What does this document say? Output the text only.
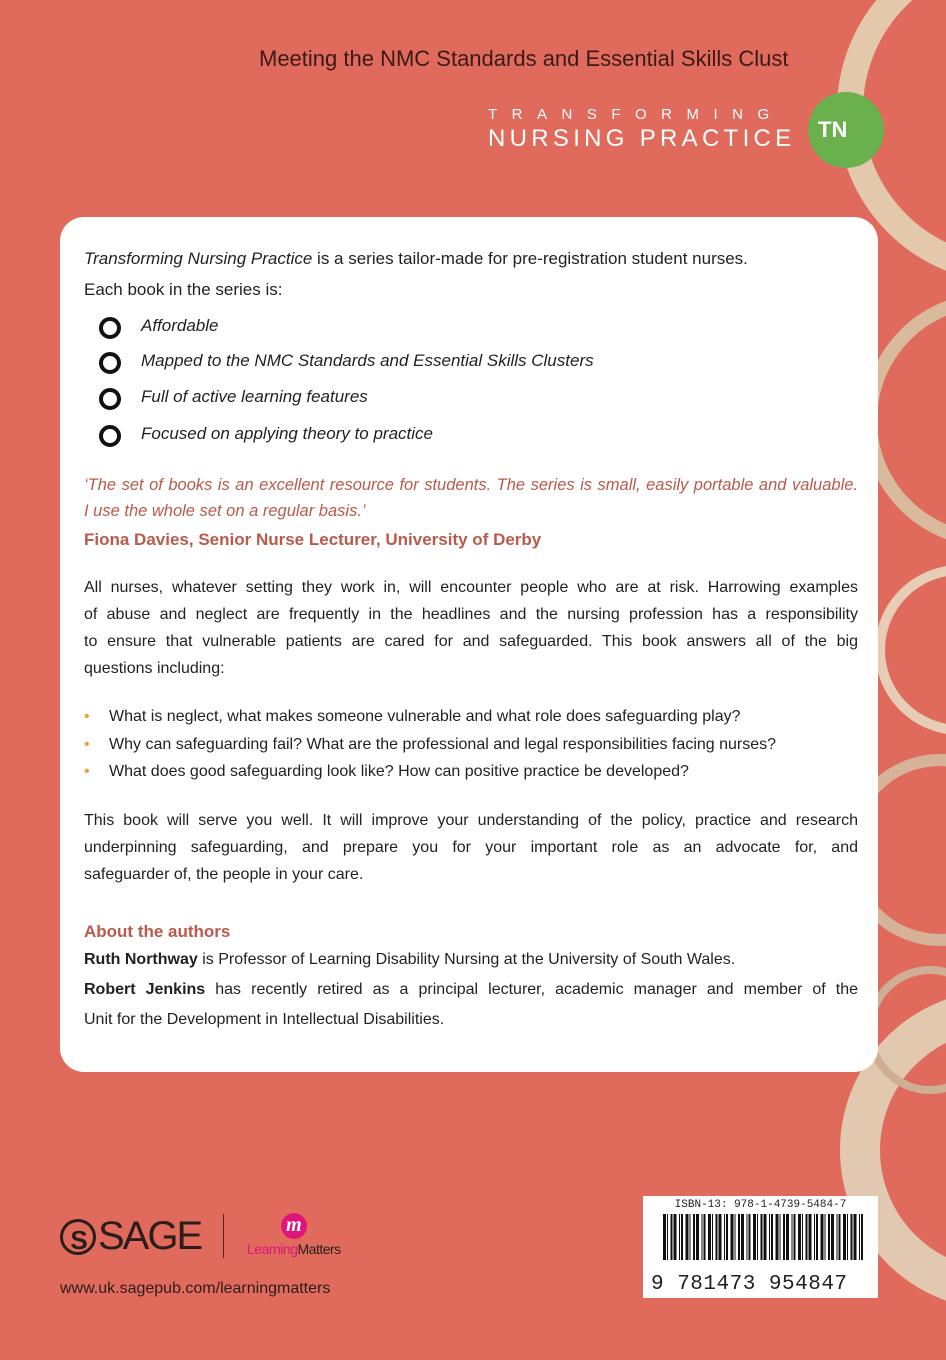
Meeting the NMC Standards and Essential Skills Clust
TRANSFORMING
NURSING PRACTICE	TN
Transforming Nursing Practice is a series tailor-made for pre-registration student nurses.
Each book in the series is:
Affordable
Mapped to the NMC Standards and Essential Skills Clusters
Full of active learning features
Focused on applying theory to practice
‘The set of books is an excellent resource for students. The series is small, easily portable and valuable.
I use the whole set on a regular basis.’
Fiona Davies, Senior Nurse Lecturer, University of Derby
All nurses, whatever setting they work in, will encounter people who are at risk. Harrowing examples
of abuse and neglect are frequently in the headlines and the nursing profession has a responsibility
to ensure that vulnerable patients are cared for and safeguarded. This book answers all of the big
questions including:
• What is neglect, what makes someone vulnerable and what role does safeguarding play?
• Why can safeguarding fail? What are the professional and legal responsibilities facing nurses?
• What does good safeguarding look like? How can positive practice be developed?
This book will serve you well. It will improve your understanding of the policy, practice and research
underpinning safeguarding, and prepare you for your important role as an advocate for, and
safeguarder of, the people in your care.
About the authors
Ruth Northway is Professor of Learning Disability Nursing at the University of South Wales.
Robert Jenkins has recently retired as a principal lecturer, academic manager and member of the
Unit for the Development in Intellectual Disabilities.
S SAGE	m
LearningMatters
www.uk.sagepub.com/learningmatters
ISBN-13: 978-1-4739-5484-7
9 781473 954847
